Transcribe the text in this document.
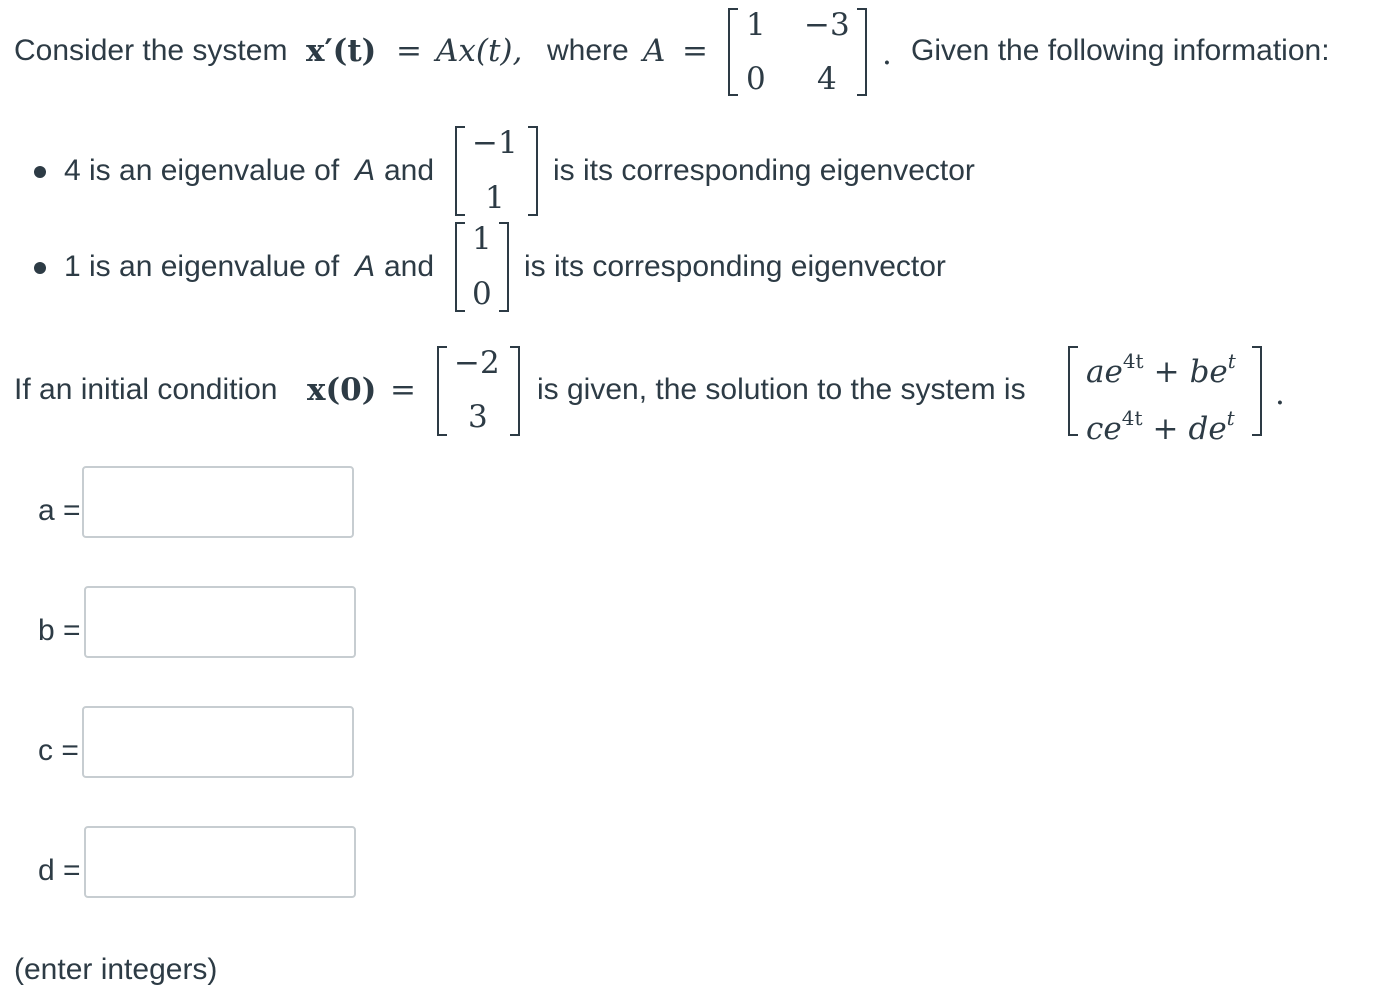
Consider the system x′(t) = Ax(t), where A =
1 −3
0 4
. Given the following information:
4 is an eigenvalue of A and
−1
1
is its corresponding eigenvector
1 is an eigenvalue of A and
1
0
is its corresponding eigenvector
If an initial condition x(0) =
−2
3
is given, the solution to the system is $ae^{4t} + be^t$
$ce^{4t} + de^t$
.
a =
b =
c =
d =
(enter integers)
